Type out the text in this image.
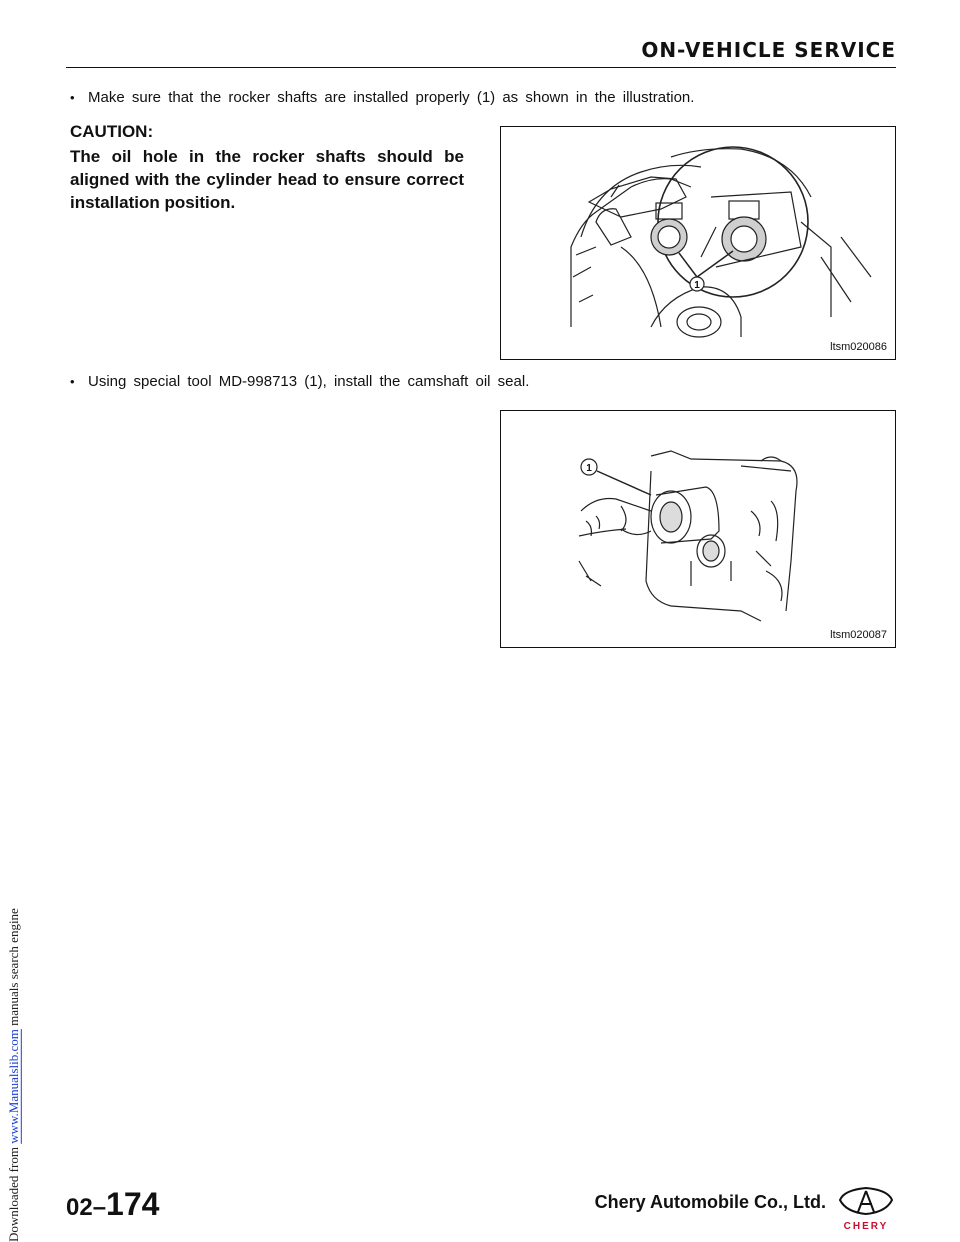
Downloaded from www.Manualslib.com manuals search engine
ON-VEHICLE SERVICE
• Make sure that the rocker shafts are installed properly (1) as shown in the illustration.
CAUTION:
The oil hole in the rocker shafts should be aligned with the cylinder head to ensure correct installation position.
1
ltsm020086
• Using special tool MD-998713 (1), install the camshaft oil seal.
1
ltsm020087
02–174	Chery Automobile Co., Ltd.
CHERY
